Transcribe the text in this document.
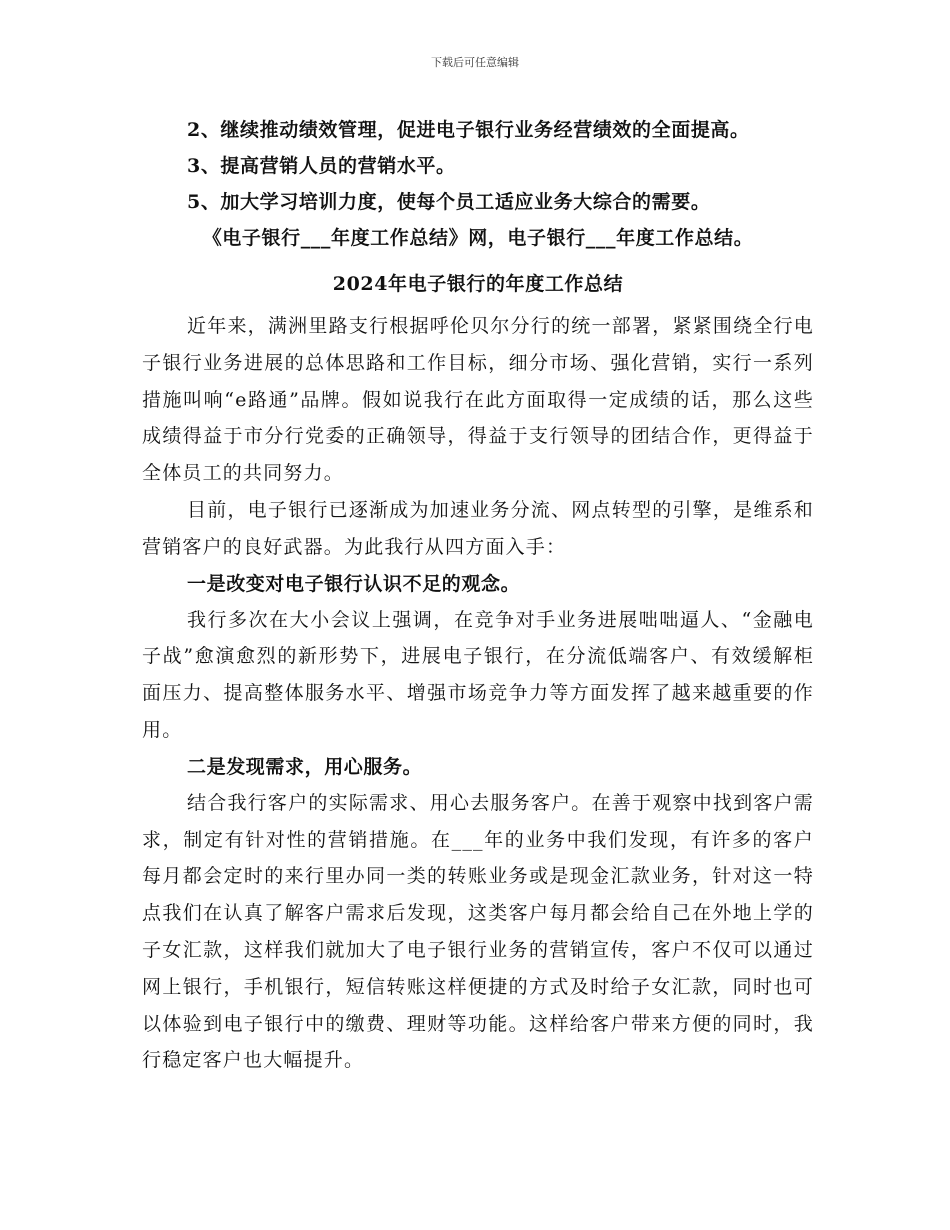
下载后可任意编辑
2、继续推动绩效管理，促进电子银行业务经营绩效的全面提高。
3、提高营销人员的营销水平。
5、加大学习培训力度，使每个员工适应业务大综合的需要。
《电子银行___年度工作总结》网，电子银行___年度工作总结。
2024年电子银行的年度工作总结
近年来，满洲里路支行根据呼伦贝尔分行的统一部署，紧紧围绕全行电子银行业务进展的总体思路和工作目标，细分市场、强化营销，实行一系列措施叫响“e路通”品牌。假如说我行在此方面取得一定成绩的话，那么这些成绩得益于市分行党委的正确领导，得益于支行领导的团结合作，更得益于全体员工的共同努力。
目前，电子银行已逐渐成为加速业务分流、网点转型的引擎，是维系和营销客户的良好武器。为此我行从四方面入手：
一是改变对电子银行认识不足的观念。
我行多次在大小会议上强调，在竞争对手业务进展咄咄逼人、“金融电子战”愈演愈烈的新形势下，进展电子银行，在分流低端客户、有效缓解柜面压力、提高整体服务水平、增强市场竞争力等方面发挥了越来越重要的作用。
二是发现需求，用心服务。
结合我行客户的实际需求、用心去服务客户。在善于观察中找到客户需求，制定有针对性的营销措施。在___年的业务中我们发现，有许多的客户每月都会定时的来行里办同一类的转账业务或是现金汇款业务，针对这一特点我们在认真了解客户需求后发现，这类客户每月都会给自己在外地上学的子女汇款，这样我们就加大了电子银行业务的营销宣传，客户不仅可以通过网上银行，手机银行，短信转账这样便捷的方式及时给子女汇款，同时也可以体验到电子银行中的缴费、理财等功能。这样给客户带来方便的同时，我行稳定客户也大幅提升。
